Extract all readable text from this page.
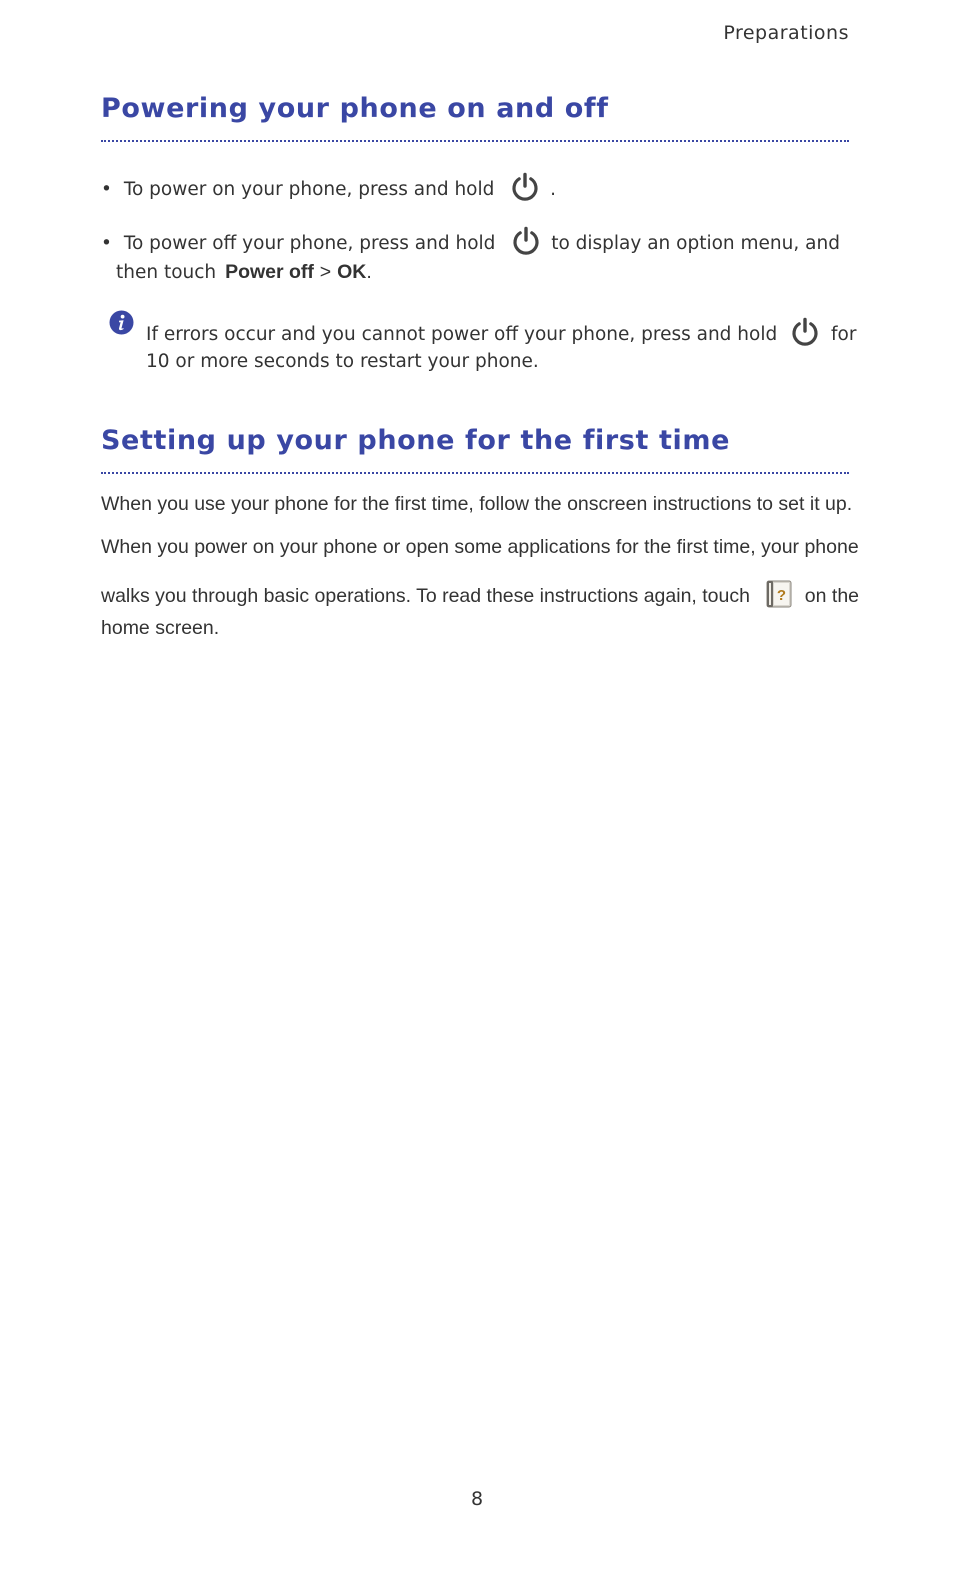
Preparations
Powering your phone on and off
• To power on your phone, press and hold	.
• To power off your phone, press and hold	to display an option menu, and
then touch Power off > OK.
If errors occur and you cannot power off your phone, press and hold	for
10 or more seconds to restart your phone.
Setting up your phone for the first time
When you use your phone for the first time, follow the onscreen instructions to set it up.
When you power on your phone or open some applications for the first time, your phone
walks you through basic operations. To read these instructions again, touch ? on the
home screen.
8
